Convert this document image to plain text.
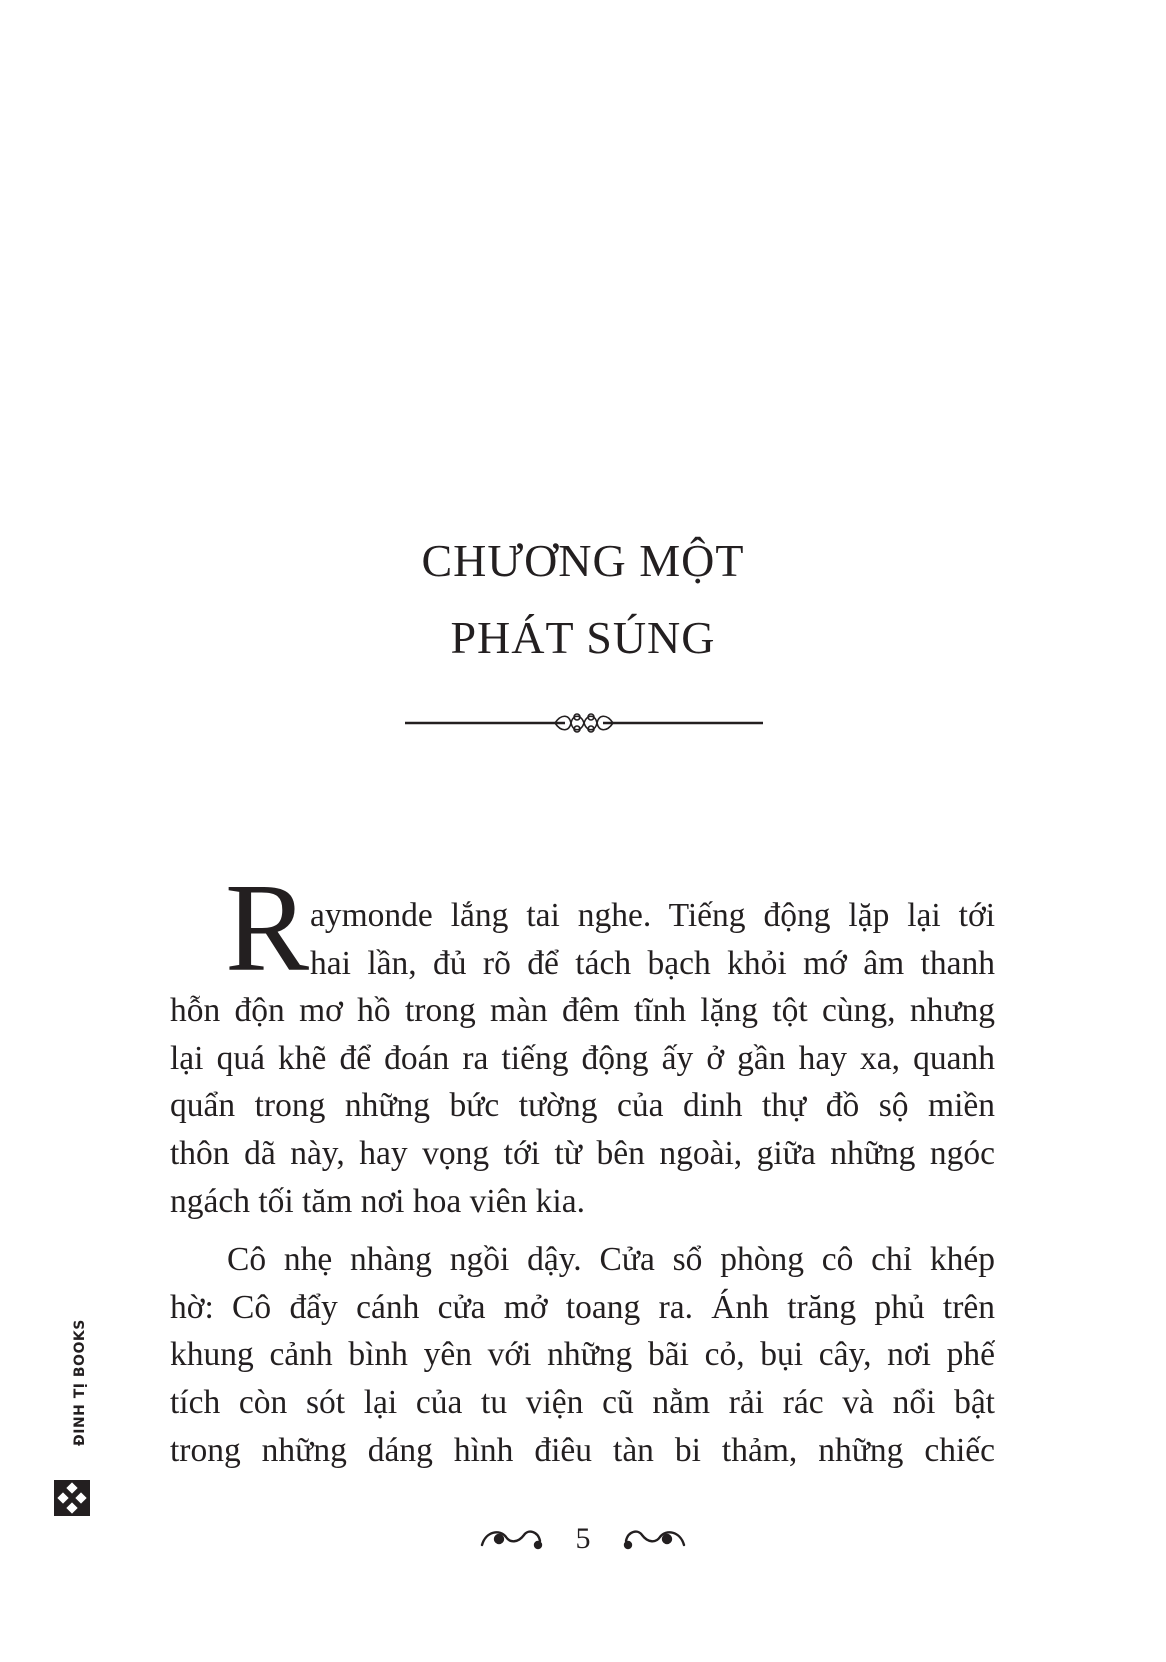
CHƯƠNG MỘT
PHÁT SÚNG
R aymonde lắng tai nghe. Tiếng động lặp lại tới
hai lần, đủ rõ để tách bạch khỏi mớ âm thanh
hỗn độn mơ hồ trong màn đêm tĩnh lặng tột cùng, nhưng
lại quá khẽ để đoán ra tiếng động ấy ở gần hay xa, quanh
quẩn trong những bức tường của dinh thự đồ sộ miền
thôn dã này, hay vọng tới từ bên ngoài, giữa những ngóc
ngách tối tăm nơi hoa viên kia.
Cô nhẹ nhàng ngồi dậy. Cửa sổ phòng cô chỉ khép
hờ: Cô đẩy cánh cửa mở toang ra. Ánh trăng phủ trên
khung cảnh bình yên với những bãi cỏ, bụi cây, nơi phế
tích còn sót lại của tu viện cũ nằm rải rác và nổi bật
trong những dáng hình điêu tàn bi thảm, những chiếc
5
ĐINH TỊ BOOKS
